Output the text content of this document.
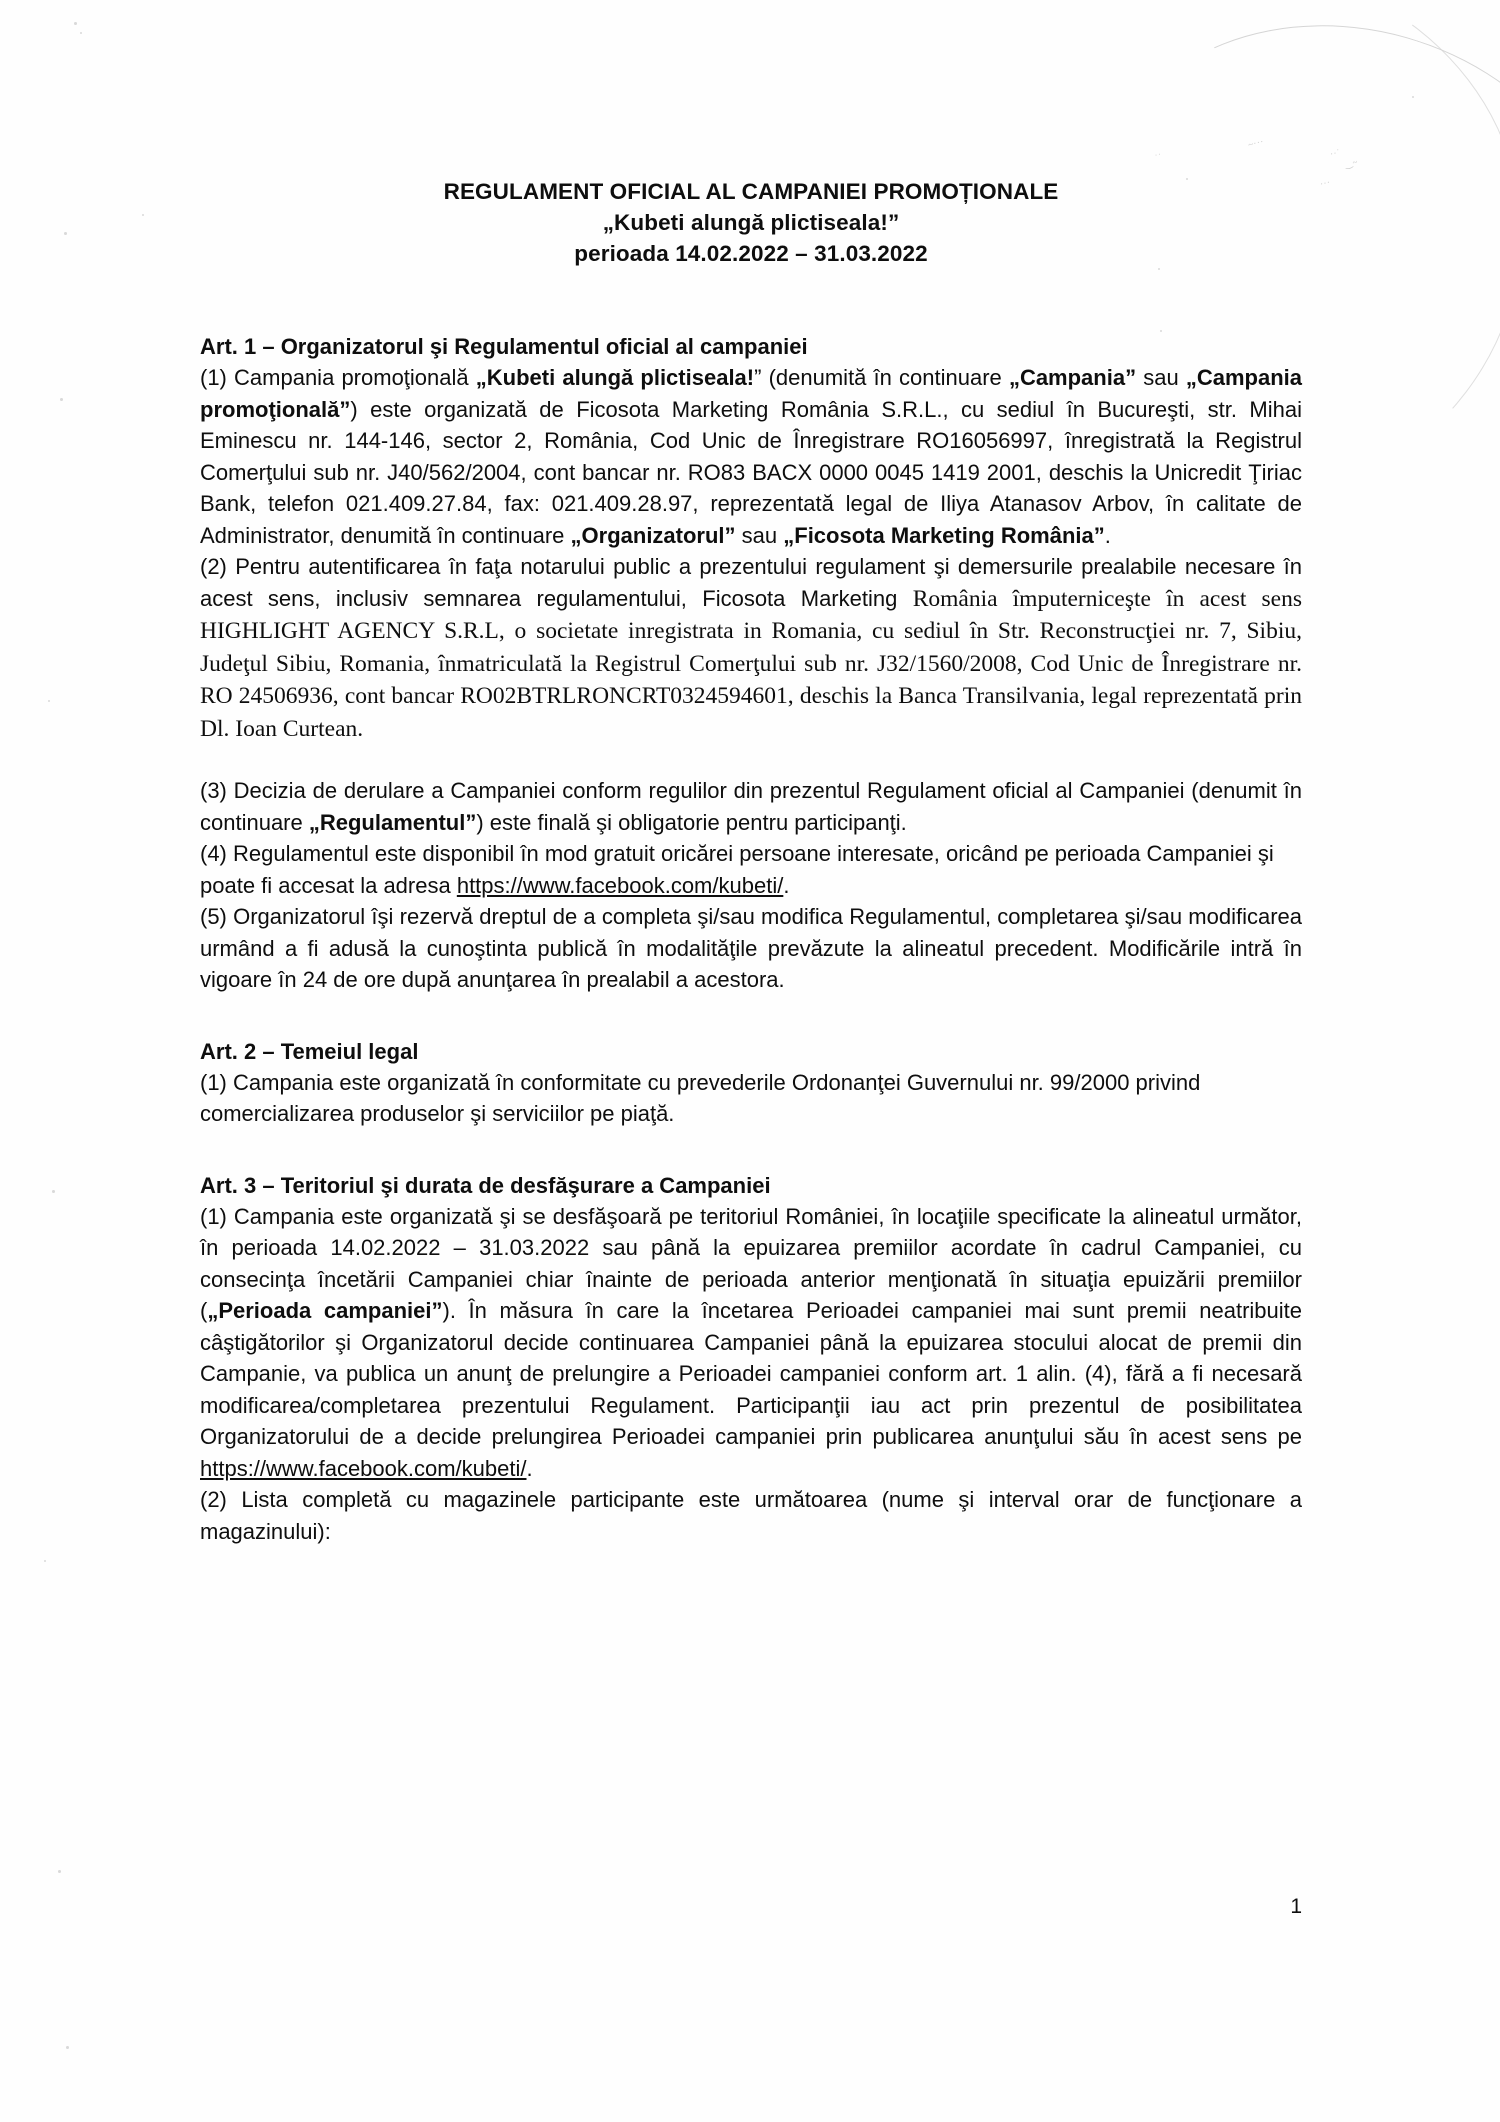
~···
··˙
‿~
···
˙˙
REGULAMENT OFICIAL AL CAMPANIEI PROMOȚIONALE
„Kubeti alungă plictiseala!”
perioada 14.02.2022 – 31.03.2022
Art. 1 – Organizatorul şi Regulamentul oficial al campaniei

(1) Campania promoţională „Kubeti alungă plictiseala!” (denumită în continuare „Campania” sau „Campania promoţională”) este organizată de Ficosota Marketing România S.R.L., cu sediul în Bucureşti, str. Mihai Eminescu nr. 144-146, sector 2, România, Cod Unic de Înregistrare RO16056997, înregistrată la Registrul Comerţului sub nr. J40/562/2004, cont bancar nr. RO83 BACX 0000 0045 1419 2001, deschis la Unicredit Ţiriac Bank, telefon 021.409.27.84, fax: 021.409.28.97, reprezentată legal de Iliya Atanasov Arbov, în calitate de Administrator, denumită în continuare „Organizatorul” sau „Ficosota Marketing România”.

(2) Pentru autentificarea în faţa notarului public a prezentului regulament şi demersurile prealabile necesare în acest sens, inclusiv semnarea regulamentului, Ficosota Marketing România împuterniceşte în acest sens HIGHLIGHT AGENCY S.R.L, o societate inregistrata in Romania, cu sediul în Str. Reconstrucţiei nr. 7, Sibiu, Judeţul Sibiu, Romania, înmatriculată la Registrul Comerţului sub nr. J32/1560/2008, Cod Unic de Înregistrare nr. RO 24506936, cont bancar RO02BTRLRONCRT0324594601, deschis la Banca Transilvania, legal reprezentată prin Dl. Ioan Curtean.

(3) Decizia de derulare a Campaniei conform regulilor din prezentul Regulament oficial al Campaniei (denumit în continuare „Regulamentul”) este finală şi obligatorie pentru participanţi.

(4) Regulamentul este disponibil în mod gratuit oricărei persoane interesate, oricând pe perioada Campaniei şi poate fi accesat la adresa https://www.facebook.com/kubeti/.

(5) Organizatorul îşi rezervă dreptul de a completa şi/sau modifica Regulamentul, completarea şi/sau modificarea urmând a fi adusă la cunoştinta publică în modalităţile prevăzute la alineatul precedent. Modificările intră în vigoare în 24 de ore după anunţarea în prealabil a acestora.

Art. 2 – Temeiul legal

(1) Campania este organizată în conformitate cu prevederile Ordonanţei Guvernului nr. 99/2000 privind comercializarea produselor şi serviciilor pe piaţă.

Art. 3 – Teritoriul şi durata de desfăşurare a Campaniei

(1) Campania este organizată şi se desfăşoară pe teritoriul României, în locaţiile specificate la alineatul următor, în perioada 14.02.2022 – 31.03.2022 sau până la epuizarea premiilor acordate în cadrul Campaniei, cu consecinţa încetării Campaniei chiar înainte de perioada anterior menţionată în situaţia epuizării premiilor („Perioada campaniei”). În măsura în care la încetarea Perioadei campaniei mai sunt premii neatribuite câştigătorilor şi Organizatorul decide continuarea Campaniei până la epuizarea stocului alocat de premii din Campanie, va publica un anunţ de prelungire a Perioadei campaniei conform art. 1 alin. (4), fără a fi necesară modificarea/completarea prezentului Regulament. Participanţii iau act prin prezentul de posibilitatea Organizatorului de a decide prelungirea Perioadei campaniei prin publicarea anunţului său în acest sens pe https://www.facebook.com/kubeti/.

(2) Lista completă cu magazinele participante este următoarea (nume şi interval orar de funcţionare a magazinului):

1
